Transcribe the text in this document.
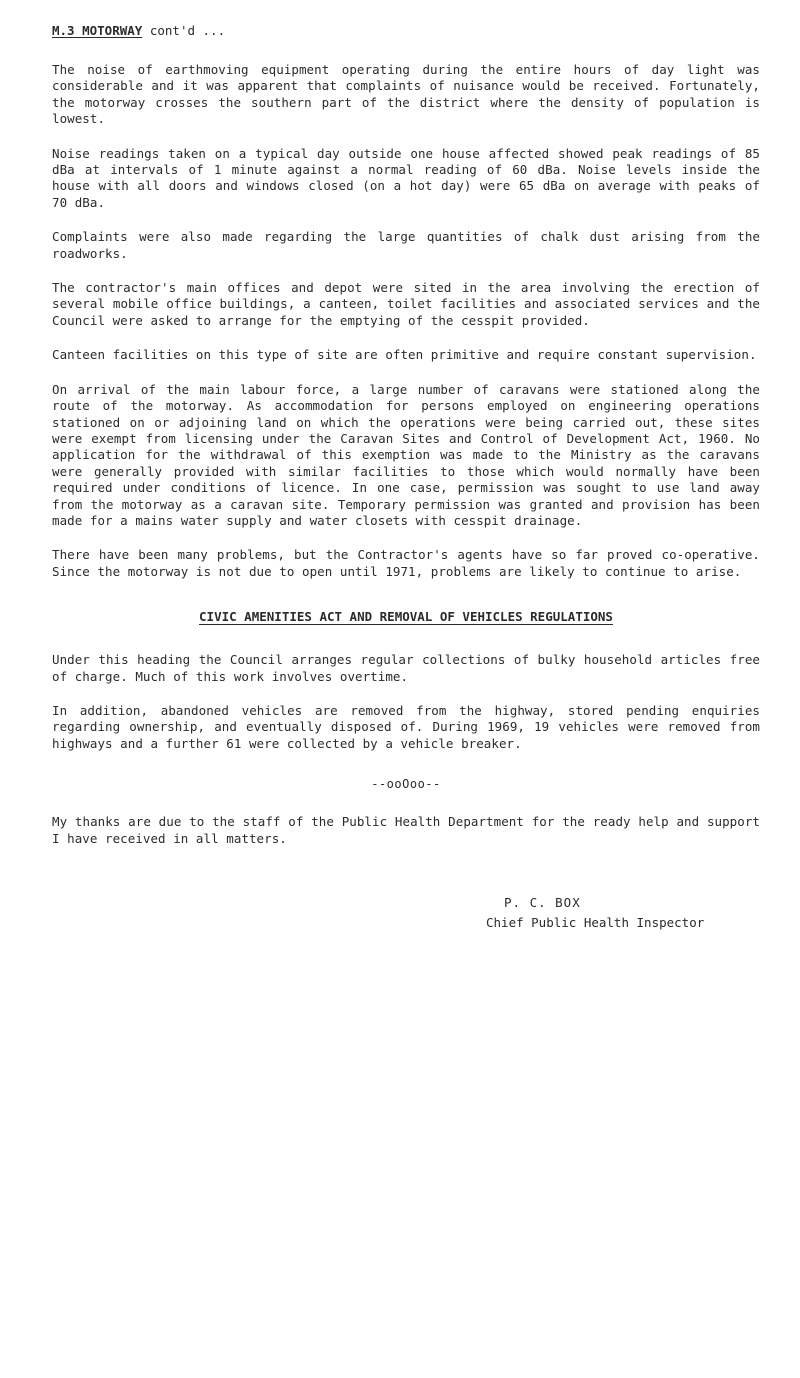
M.3 MOTORWAY cont'd ...

The noise of earthmoving equipment operating during the entire hours of day light was considerable and it was apparent that complaints of nuisance would be received. Fortunately, the motorway crosses the southern part of the district where the density of population is lowest.

Noise readings taken on a typical day outside one house affected showed peak readings of 85 dBa at intervals of 1 minute against a normal reading of 60 dBa. Noise levels inside the house with all doors and windows closed (on a hot day) were 65 dBa on average with peaks of 70 dBa.

Complaints were also made regarding the large quantities of chalk dust arising from the roadworks.

The contractor's main offices and depot were sited in the area involving the erection of several mobile office buildings, a canteen, toilet facilities and associated services and the Council were asked to arrange for the emptying of the cesspit provided.

Canteen facilities on this type of site are often primitive and require constant supervision.

On arrival of the main labour force, a large number of caravans were stationed along the route of the motorway. As accommodation for persons employed on engineering operations stationed on or adjoining land on which the operations were being carried out, these sites were exempt from licensing under the Caravan Sites and Control of Development Act, 1960. No application for the withdrawal of this exemption was made to the Ministry as the caravans were generally provided with similar facilities to those which would normally have been required under conditions of licence. In one case, permission was sought to use land away from the motorway as a caravan site. Temporary permission was granted and provision has been made for a mains water supply and water closets with cesspit drainage.

There have been many problems, but the Contractor's agents have so far proved co-operative. Since the motorway is not due to open until 1971, problems are likely to continue to arise.

CIVIC AMENITIES ACT AND REMOVAL OF VEHICLES REGULATIONS

Under this heading the Council arranges regular collections of bulky household articles free of charge. Much of this work involves overtime.

In addition, abandoned vehicles are removed from the highway, stored pending enquiries regarding ownership, and eventually disposed of. During 1969, 19 vehicles were removed from highways and a further 61 were collected by a vehicle breaker.

--ooOoo--

My thanks are due to the staff of the Public Health Department for the ready help and support I have received in all matters.

P. C. BOX
Chief Public Health Inspector
